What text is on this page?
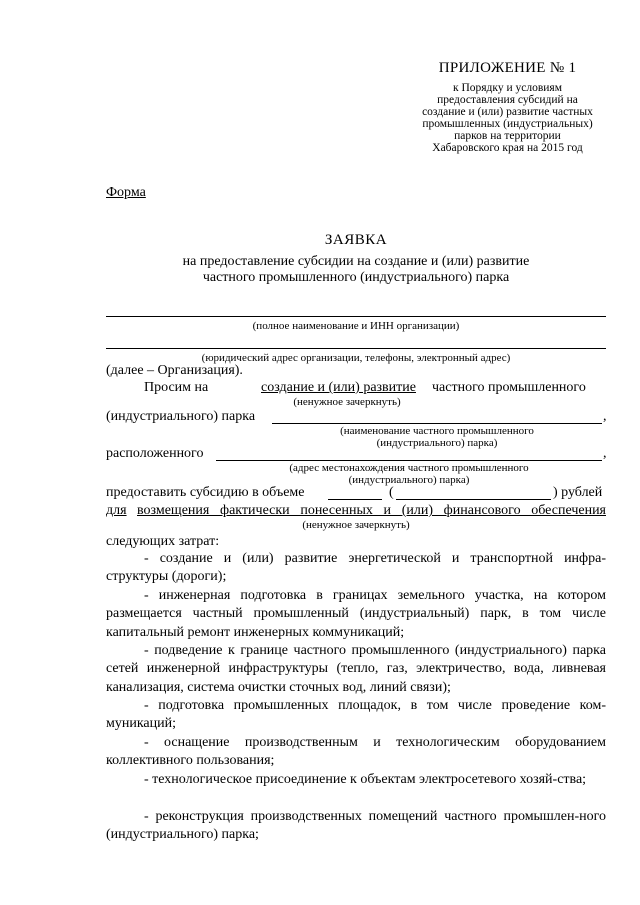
ПРИЛОЖЕНИЕ № 1
к Порядку и условиям
предоставления субсидий на
создание и (или) развитие частных
промышленных (индустриальных)
парков на территории
Хабаровского края на 2015 год
Форма
ЗАЯВКА
на предоставление субсидии на создание и (или) развитие
частного промышленного (индустриального) парка
(полное наименование и ИНН организации)
(юридический адрес организации, телефоны, электронный адрес)
(далее – Организация).
Просим на	создание и (или) развитие частного промышленного
(ненужное зачеркнуть)
(индустриального) парка	,
(наименование частного промышленного
(индустриального) парка)
расположенного	,
(адрес местонахождения частного промышленного
(индустриального) парка)
предоставить субсидию в объеме	(	) рублей
для возмещения фактически понесенных и (или) финансового обеспечения
(ненужное зачеркнуть)
следующих затрат:
- создание и (или) развитие энергетической и транспортной инфра-структуры (дороги);
- инженерная подготовка в границах земельного участка, на котором размещается частный промышленный (индустриальный) парк, в том числе капитальный ремонт инженерных коммуникаций;
- подведение к границе частного промышленного (индустриального) парка сетей инженерной инфраструктуры (тепло, газ, электричество, вода, ливневая канализация, система очистки сточных вод, линий связи);
- подготовка промышленных площадок, в том числе проведение ком-муникаций;
- оснащение производственным и технологическим оборудованием коллективного пользования;
- технологическое присоединение к объектам электросетевого хозяй-ства;
- реконструкция производственных помещений частного промышлен-ного (индустриального) парка;
